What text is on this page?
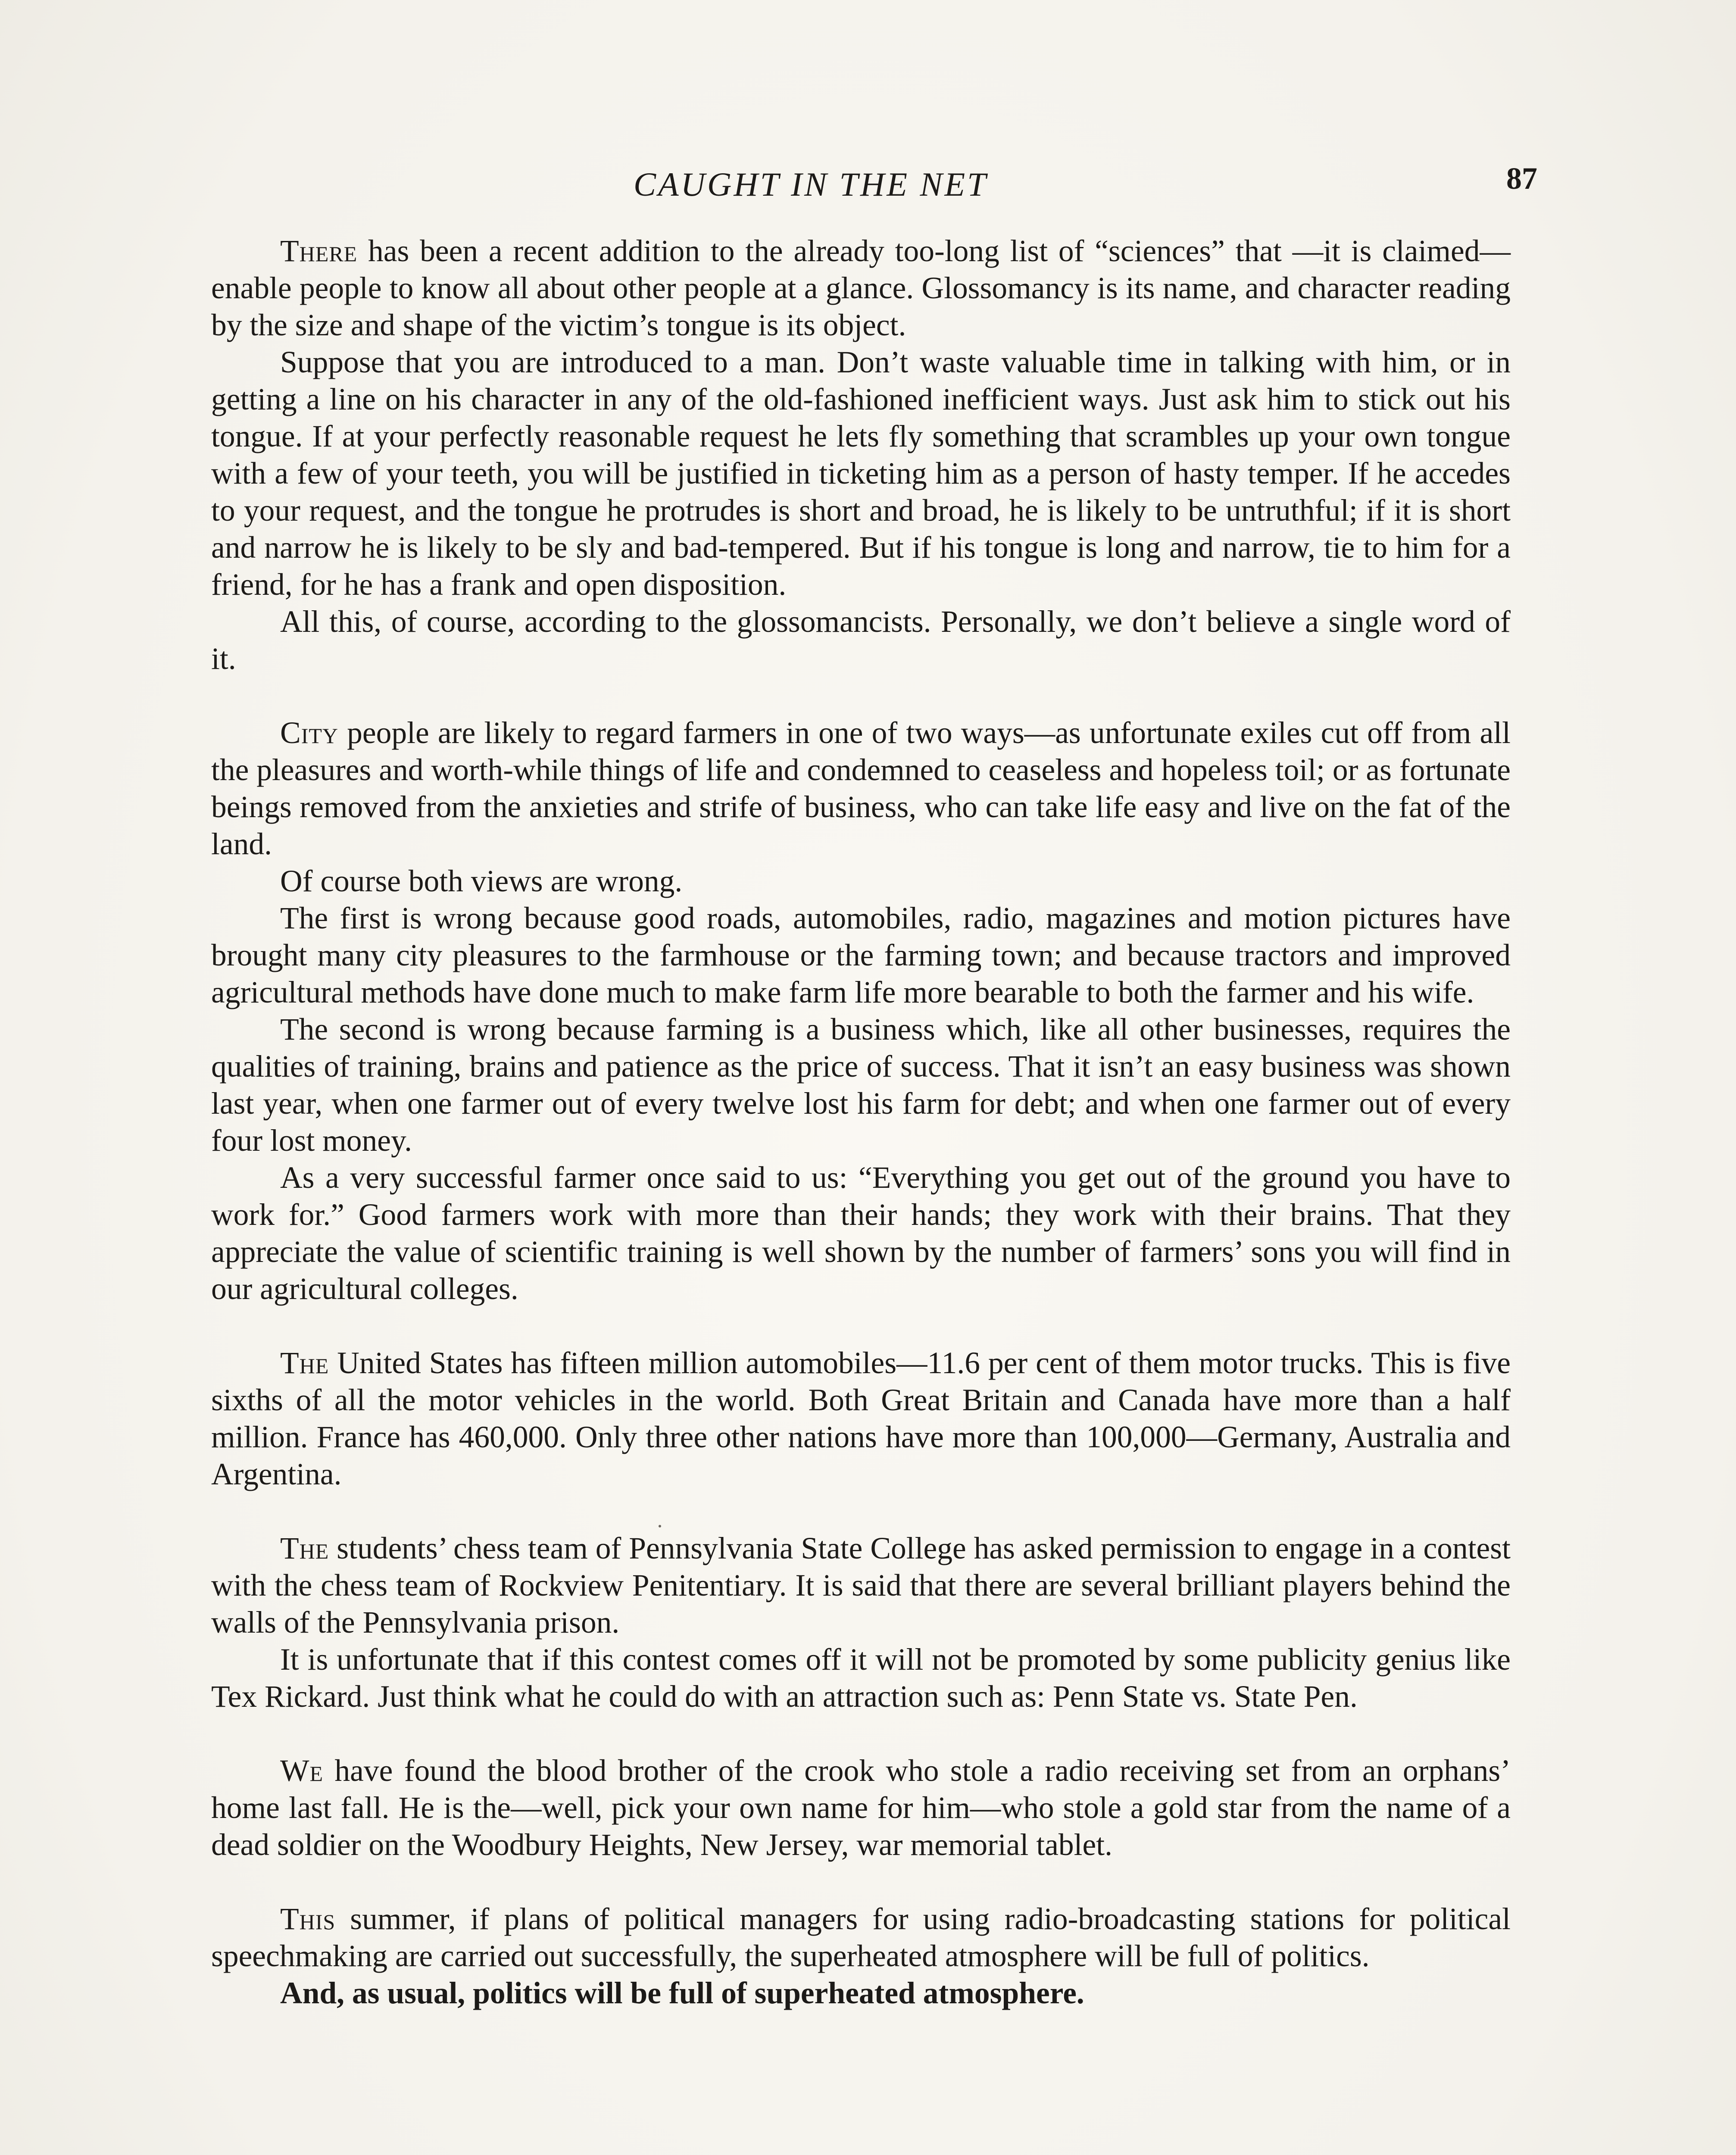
CAUGHT IN THE NET	87

There has been a recent addition to the already too-long list of “sciences” that —it is claimed—enable people to know all about other people at a glance. Glossomancy is its name, and character reading by the size and shape of the victim’s tongue is its object.

Suppose that you are introduced to a man. Don’t waste valuable time in talking with him, or in getting a line on his character in any of the old-fashioned inefficient ways. Just ask him to stick out his tongue. If at your perfectly reasonable request he lets fly something that scrambles up your own tongue with a few of your teeth, you will be justified in ticketing him as a person of hasty temper. If he accedes to your request, and the tongue he protrudes is short and broad, he is likely to be untruthful; if it is short and narrow he is likely to be sly and bad-tempered. But if his tongue is long and narrow, tie to him for a friend, for he has a frank and open disposition.

All this, of course, according to the glossomancists. Personally, we don’t believe a single word of it.

City people are likely to regard farmers in one of two ways—as unfortunate exiles cut off from all the pleasures and worth-while things of life and condemned to ceaseless and hopeless toil; or as fortunate beings removed from the anxieties and strife of business, who can take life easy and live on the fat of the land.

Of course both views are wrong.

The first is wrong because good roads, automobiles, radio, magazines and motion pictures have brought many city pleasures to the farmhouse or the farming town; and because tractors and improved agricultural methods have done much to make farm life more bearable to both the farmer and his wife.

The second is wrong because farming is a business which, like all other businesses, requires the qualities of training, brains and patience as the price of success. That it isn’t an easy business was shown last year, when one farmer out of every twelve lost his farm for debt; and when one farmer out of every four lost money.

As a very successful farmer once said to us: “Everything you get out of the ground you have to work for.” Good farmers work with more than their hands; they work with their brains. That they appreciate the value of scientific training is well shown by the number of farmers’ sons you will find in our agricultural colleges.

The United States has fifteen million automobiles—11.6 per cent of them motor trucks. This is five sixths of all the motor vehicles in the world. Both Great Britain and Canada have more than a half million. France has 460,000. Only three other nations have more than 100,000—Germany, Australia and Argentina.

The students’ chess team of Pennsylvania State College has asked permission to engage in a contest with the chess team of Rockview Penitentiary. It is said that there are several brilliant players behind the walls of the Pennsylvania prison.

It is unfortunate that if this contest comes off it will not be promoted by some publicity genius like Tex Rickard. Just think what he could do with an attraction such as: Penn State vs. State Pen.

We have found the blood brother of the crook who stole a radio receiving set from an orphans’ home last fall. He is the—well, pick your own name for him—who stole a gold star from the name of a dead soldier on the Woodbury Heights, New Jersey, war memorial tablet.

This summer, if plans of political managers for using radio-broadcasting stations for political speechmaking are carried out successfully, the superheated atmosphere will be full of politics.

And, as usual, politics will be full of superheated atmosphere.
